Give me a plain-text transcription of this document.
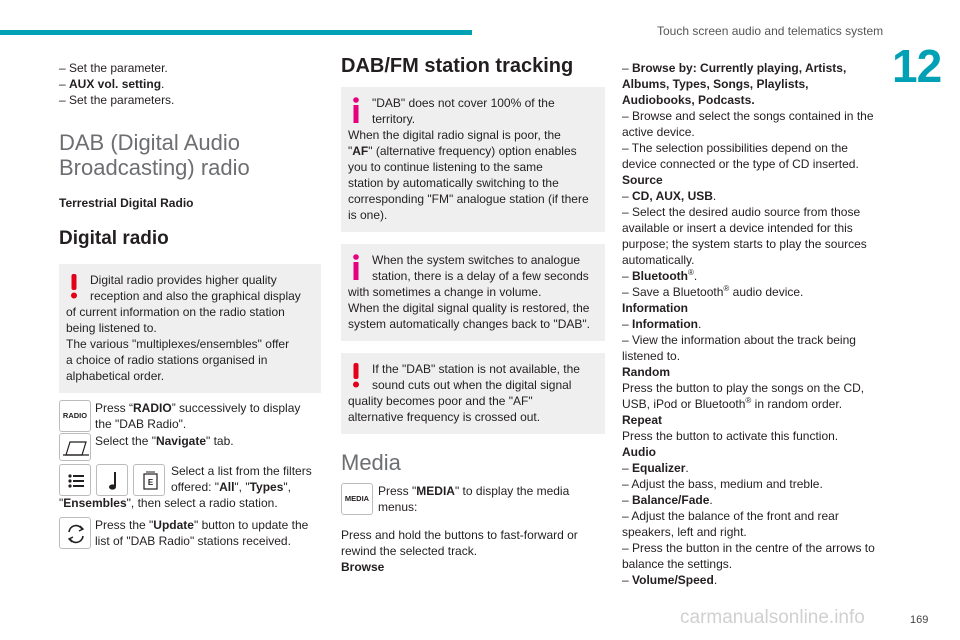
Touch screen audio and telematics system
12
– Set the parameter.
– AUX vol. setting.
– Set the parameters.
DAB (Digital Audio
Broadcasting) radio
Terrestrial Digital Radio
Digital radio
Digital radio provides higher quality
reception and also the graphical display
of current information on the radio station
being listened to.
The various "multiplexes/ensembles" offer
a choice of radio stations organised in
alphabetical order.
RADIO
Press “RADIO” successively to display
the "DAB Radio".
Select the "Navigate" tab.
E
Select a list from the filters
offered: "All", "Types",
"Ensembles", then select a radio station.
Press the "Update" button to update the
list of "DAB Radio" stations received.
DAB/FM station tracking
"DAB" does not cover 100% of the
territory.
When the digital radio signal is poor, the
"AF" (alternative frequency) option enables
you to continue listening to the same
station by automatically switching to the
corresponding "FM" analogue station (if there
is one).
When the system switches to analogue
station, there is a delay of a few seconds
with sometimes a change in volume.
When the digital signal quality is restored, the
system automatically changes back to "DAB".
If the "DAB" station is not available, the
sound cuts out when the digital signal
quality becomes poor and the "AF"
alternative frequency is crossed out.
Media
MEDIA
Press "MEDIA" to display the media
menus:
Press and hold the buttons to fast-forward or
rewind the selected track.
Browse
– Browse by: Currently playing, Artists,
Albums, Types, Songs, Playlists,
Audiobooks, Podcasts.
– Browse and select the songs contained in the
active device.
– The selection possibilities depend on the
device connected or the type of CD inserted.
Source
– CD, AUX, USB.
– Select the desired audio source from those
available or insert a device intended for this
purpose; the system starts to play the sources
automatically.
– Bluetooth®.
– Save a Bluetooth® audio device.
Information
– Information.
– View the information about the track being
listened to.
Random
Press the button to play the songs on the CD,
USB, iPod or Bluetooth® in random order.
Repeat
Press the button to activate this function.
Audio
– Equalizer.
– Adjust the bass, medium and treble.
– Balance/Fade.
– Adjust the balance of the front and rear
speakers, left and right.
– Press the button in the centre of the arrows to
balance the settings.
– Volume/Speed.
169
carmanualsonline.info
